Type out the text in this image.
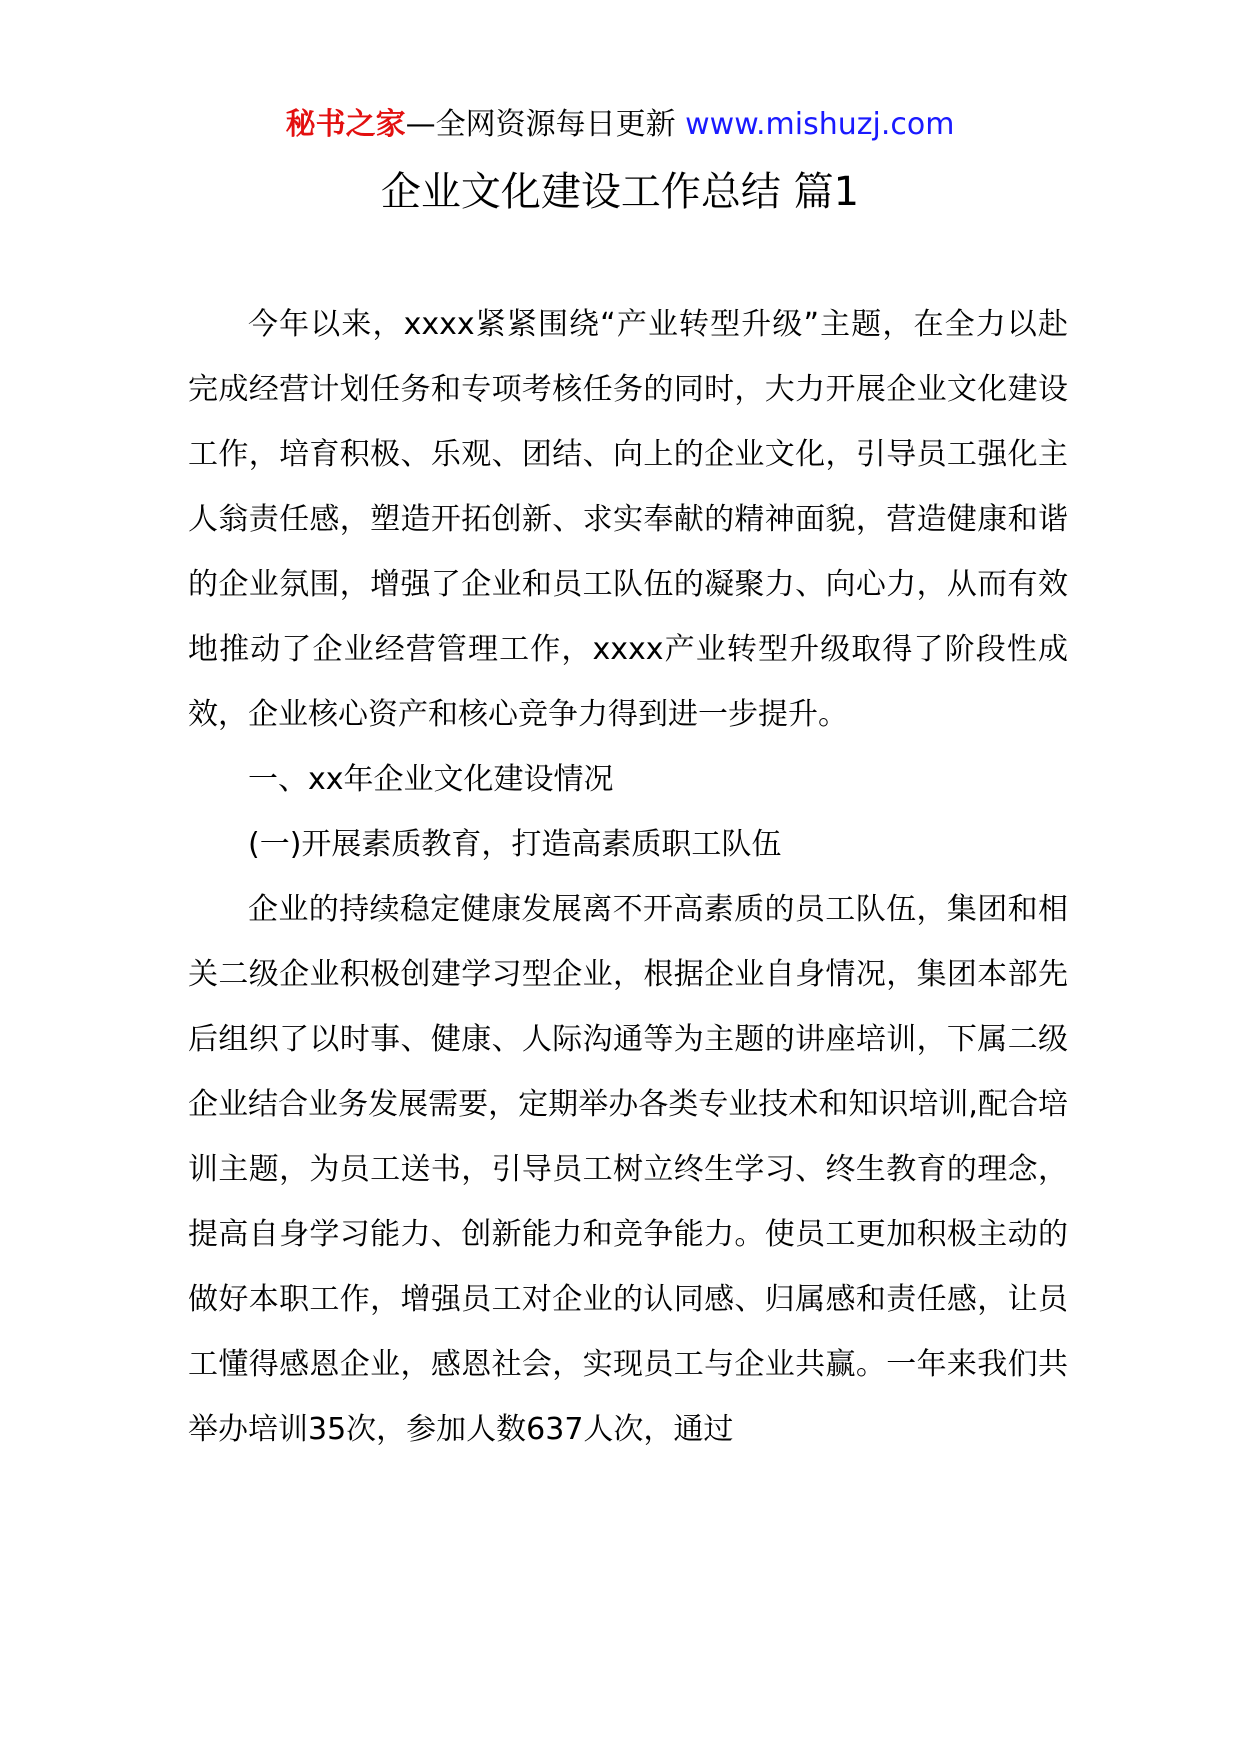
秘书之家—全网资源每日更新 www.mishuzj.com
企业文化建设工作总结 篇1

今年以来，xxxx紧紧围绕“产业转型升级”主题，在全力以赴完成经营计划任务和专项考核任务的同时，大力开展企业文化建设工作，培育积极、乐观、团结、向上的企业文化，引导员工强化主人翁责任感，塑造开拓创新、求实奉献的精神面貌，营造健康和谐的企业氛围，增强了企业和员工队伍的凝聚力、向心力，从而有效地推动了企业经营管理工作，xxxx产业转型升级取得了阶段性成效，企业核心资产和核心竞争力得到进一步提升。

一、xx年企业文化建设情况

(一)开展素质教育，打造高素质职工队伍

企业的持续稳定健康发展离不开高素质的员工队伍，集团和相关二级企业积极创建学习型企业，根据企业自身情况，集团本部先后组织了以时事、健康、人际沟通等为主题的讲座培训，下属二级企业结合业务发展需要，定期举办各类专业技术和知识培训,配合培训主题，为员工送书，引导员工树立终生学习、终生教育的理念，提高自身学习能力、创新能力和竞争能力。使员工更加积极主动的做好本职工作，增强员工对企业的认同感、归属感和责任感，让员工懂得感恩企业，感恩社会，实现员工与企业共赢。一年来我们共举办培训35次，参加人数637人次，通过
